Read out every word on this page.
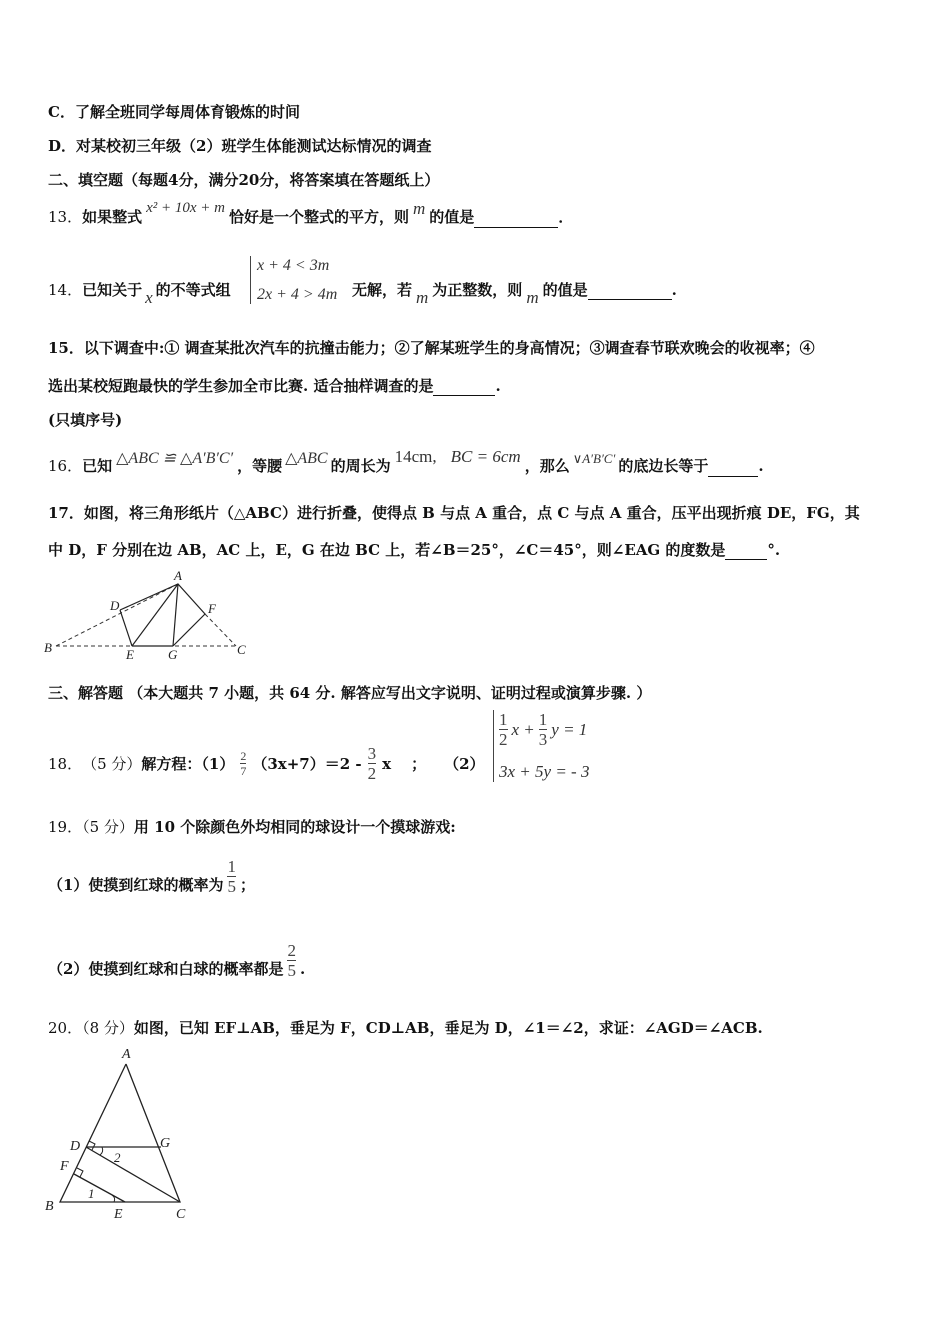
C．了解全班同学每周体育锻炼的时间
D．对某校初三年级（2）班学生体能测试达标情况的调查
二、填空题（每题4分，满分20分，将答案填在答题纸上）
13．如果整式 x² + 10x + m 恰好是一个整式的平方，则 m 的值是	．
x + 4 < 3m
2x + 4 > 4m
14．已知关于 x 的不等式组	无解，若 m 为正整数，则 m 的值是	.
15．以下调查中:① 调查某批次汽车的抗撞击能力；②了解某班学生的身高情况；③调查春节联欢晚会的收视率；④
选出某校短跑最快的学生参加全市比赛. 适合抽样调查的是	.
(只填序号)
16．已知 △ABC ≌ △A′B′C′ ，等腰 △ABC 的周长为 14cm, BC = 6cm ，那么 ∨A′B′C′ 的底边长等于	.
17．如图，将三角形纸片（△ABC）进行折叠，使得点 B 与点 A 重合，点 C 与点 A 重合，压平出现折痕 DE，FG，其
中 D，F 分别在边 AB，AC 上，E，G 在边 BC 上，若∠B＝25°，∠C＝45°，则∠EAG 的度数是	°.
A
B	C
D
E
F
G
三、解答题 （本大题共 7 小题，共 64 分. 解答应写出文字说明、证明过程或演算步骤. ）
18． （5 分） 解方程：$(1) \frac{2}{7} (3x+7)=2 - \frac{3}{2}$ x ； （2）
$\frac{1}{2}$ $x + \frac{1}{3}$ y = 1
3x + 5y = - 3
19．（5 分）用 10 个除颜色外均相同的球设计一个摸球游戏:
（1）使摸到红球的概率为 $\frac{1}{5}$ ；
（2）使摸到红球和白球的概率都是 $\frac{2}{5}$ .
20．（8 分）如图，已知 EF⊥AB，垂足为 F，CD⊥AB，垂足为 D，∠1＝∠2，求证：∠AGD＝∠ACB.
A
B
C
D
E
F
G
1
2
